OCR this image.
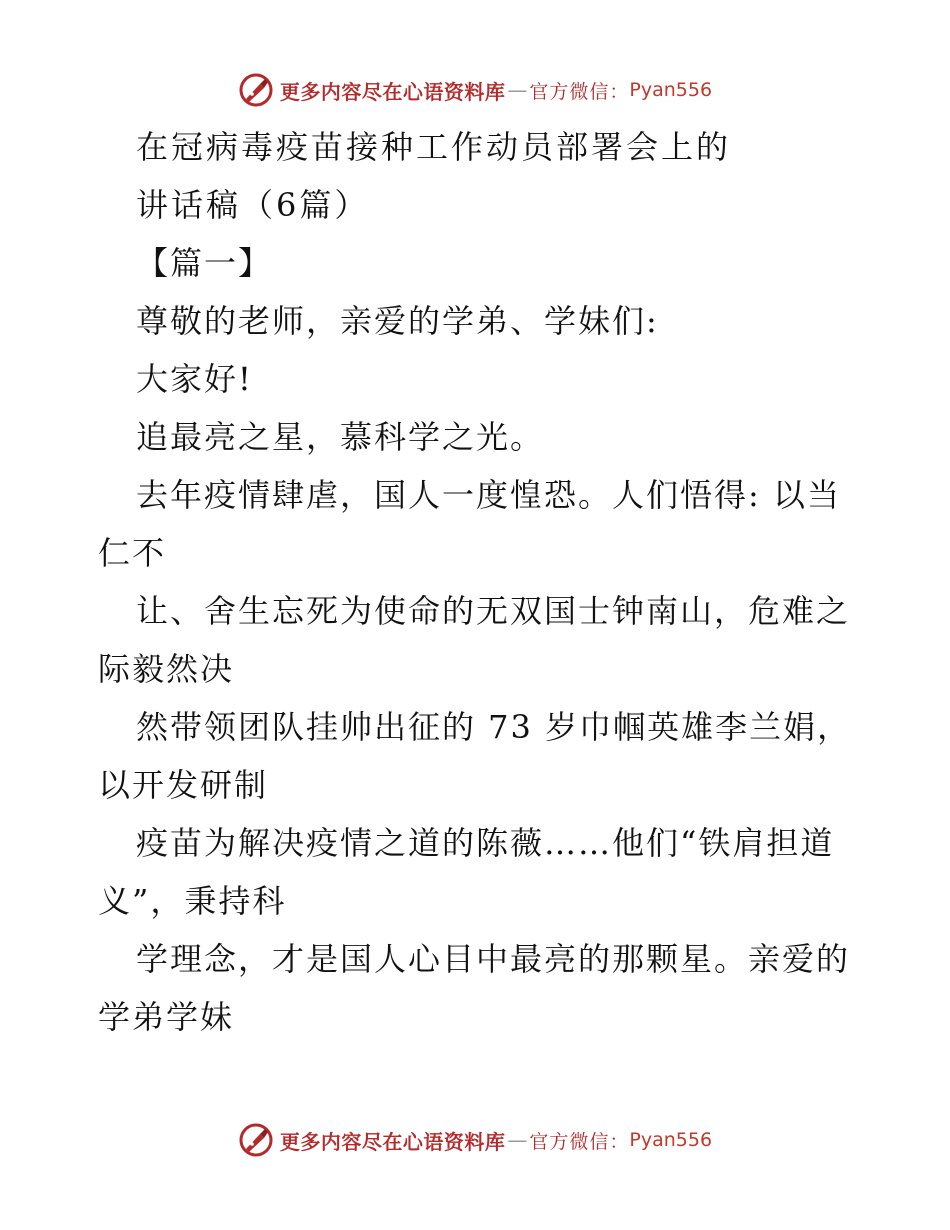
更多内容尽在心语资料库 — 官方微信： Pyan556
在冠病毒疫苗接种工作动员部署会上的
讲话稿（6篇）
【篇一】
尊敬的老师，亲爱的学弟、学妹们:
大家好!
追最亮之星，慕科学之光。
去年疫情肆虐，国人一度惶恐。人们悟得: 以当
仁不
让、舍生忘死为使命的无双国士钟南山，危难之
际毅然决
然带领团队挂帅出征的 73 岁巾帼英雄李兰娟，
以开发研制
疫苗为解决疫情之道的陈薇……他们“铁肩担道
义”，秉持科
学理念，才是国人心目中最亮的那颗星。亲爱的
学弟学妹
更多内容尽在心语资料库 — 官方微信： Pyan556
